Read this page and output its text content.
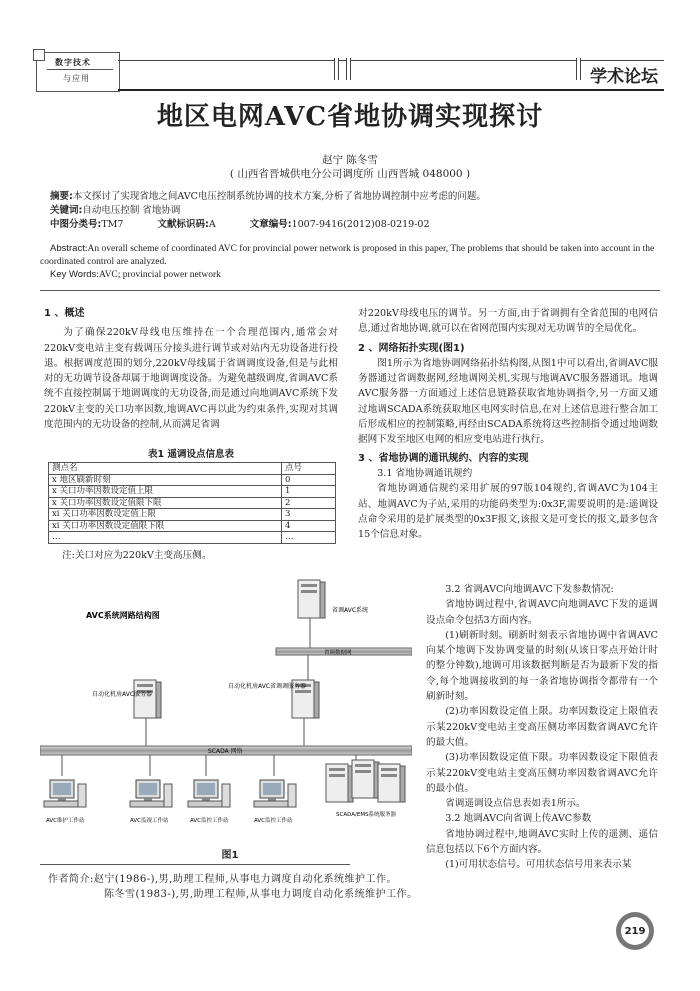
数字技术
与应用	学术论坛
地区电网AVC省地协调实现探讨
赵宁 陈冬雪
( 山西省晋城供电分公司调度所 山西晋城 048000 )
摘要:本文探讨了实现省地之间AVC电压控制系统协调的技术方案,分析了省地协调控制中应考虑的问题。
关键词:自动电压控制 省地协调
中图分类号:TM7	文献标识码:A	文章编号:1007-9416(2012)08-0219-02
Abstract:An overall scheme of coordinated AVC for provincial power network is proposed in this paper, The problems that should be taken into account in the coordinated control are analyzed.
Key Words:AVC; provincial power network
1 、概述

为了确保220kV母线电压维持在一个合理范围内,通常会对220kV变电站主变有载调压分接头进行调节或对站内无功设备进行投退。根据调度范围的划分,220kV母线属于省调调度设备,但是与此相对的无功调节设备却属于地调调度设备。为避免越级调度,省调AVC系统不直接控制属于地调调度的无功设备,而是通过向地调AVC系统下发220kV主变的关口功率因数,地调AVC再以此为约束条件,实现对其调度范围内的无功设备的控制,从而满足省调

表1 遥调设点信息表
测点名	点号
x 地区刷新时刻	0
x 关口功率因数设定值上限	1
x 关口功率因数设定值限下限	2
xi 关口功率因数设定值上限	3
xi 关口功率因数设定值限下限	4
…	…
注:关口对应为220kV主变高压侧。

对220kV母线电压的调节。另一方面,由于省调拥有全省范围的电网信息,通过省地协调,就可以在省网范围内实现对无功调节的全局优化。

2 、网络拓扑实现(图1)

图1所示为省地协调网络拓扑结构图,从图1中可以看出,省调AVC服务器通过省调数据网,经地调网关机,实现与地调AVC服务器通讯。地调AVC服务器一方面通过上述信息链路获取省地协调指令,另一方面又通过地调SCADA系统获取地区电网实时信息,在对上述信息进行整合加工后形成相应的控制策略,再经由SCADA系统将这些控制指令通过地调数据网下发至地区电网的相应变电站进行执行。

3 、省地协调的通讯规约、内容的实现
3.1 省地协调通讯规约

省地协调通信规约采用扩展的97版104规约,省调AVC为104主站、地调AVC为子站,采用的功能码类型为:0x3F,需要说明的是:遥调设点命令采用的是扩展类型的0x3F报文,该报文是可变长的报文,最多包含15个信息对象。

3.2 省调AVC向地调AVC下发参数情况:

省地协调过程中,省调AVC向地调AVC下发的遥调设点命令包括3方面内容。

(1)刷新时刻。刷新时刻表示省地协调中省调AVC向某个地调下发协调变量的时刻(从该日零点开始计时的整分钟数),地调可用该数据判断是否为最新下发的指令,每个地调接收到的每一条省地协调指令都带有一个刷新时刻。

(2)功率因数设定值上限。功率因数设定上限值表示某220kV变电站主变高压侧功率因数省调AVC允许的最大值。

(3)功率因数设定值下限。功率因数设定下限值表示某220kV变电站主变高压侧功率因数省调AVC允许的最小值。

省调遥调设点信息表如表1所示。

3.2 地调AVC向省调上传AVC参数

省地协调过程中,地调AVC实时上传的遥测、遥信信息包括以下6个方面内容。

(1)可用状态信号。可用状态信号用来表示某

AVC系统网路结构图
省调AVC系统
省调数据网
自动化机房AVC省调调服务器
自动化机房AVC服务器
SCADA 网络
AVC维护工作站	AVC监视工作站	AVC监控工作站	AVC监控工作站
SCADA/EMS系统服务器
图1
作者简介:赵宁(1986-),男,助理工程师,从事电力调度自动化系统维护工作。
陈冬雪(1983-),男,助理工程师,从事电力调度自动化系统维护工作。
219
